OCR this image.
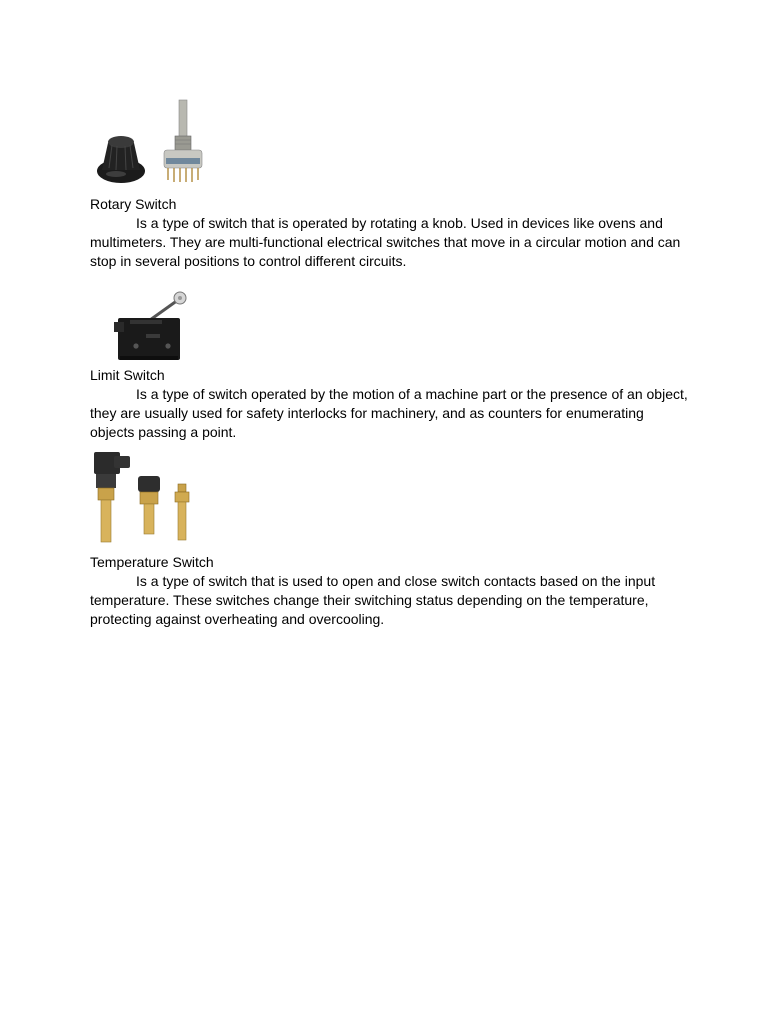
Rotary Switch

Is a type of switch that is operated by rotating a knob. Used in devices like ovens and multimeters. They are multi-functional electrical switches that move in a circular motion and can stop in several positions to control different circuits.

Limit Switch

Is a type of switch operated by the motion of a machine part or the presence of an object, they are usually used for safety interlocks for machinery, and as counters for enumerating objects passing a point.

Temperature Switch

Is a type of switch that is used to open and close switch contacts based on the input temperature. These switches change their switching status depending on the temperature, protecting against overheating and overcooling.
